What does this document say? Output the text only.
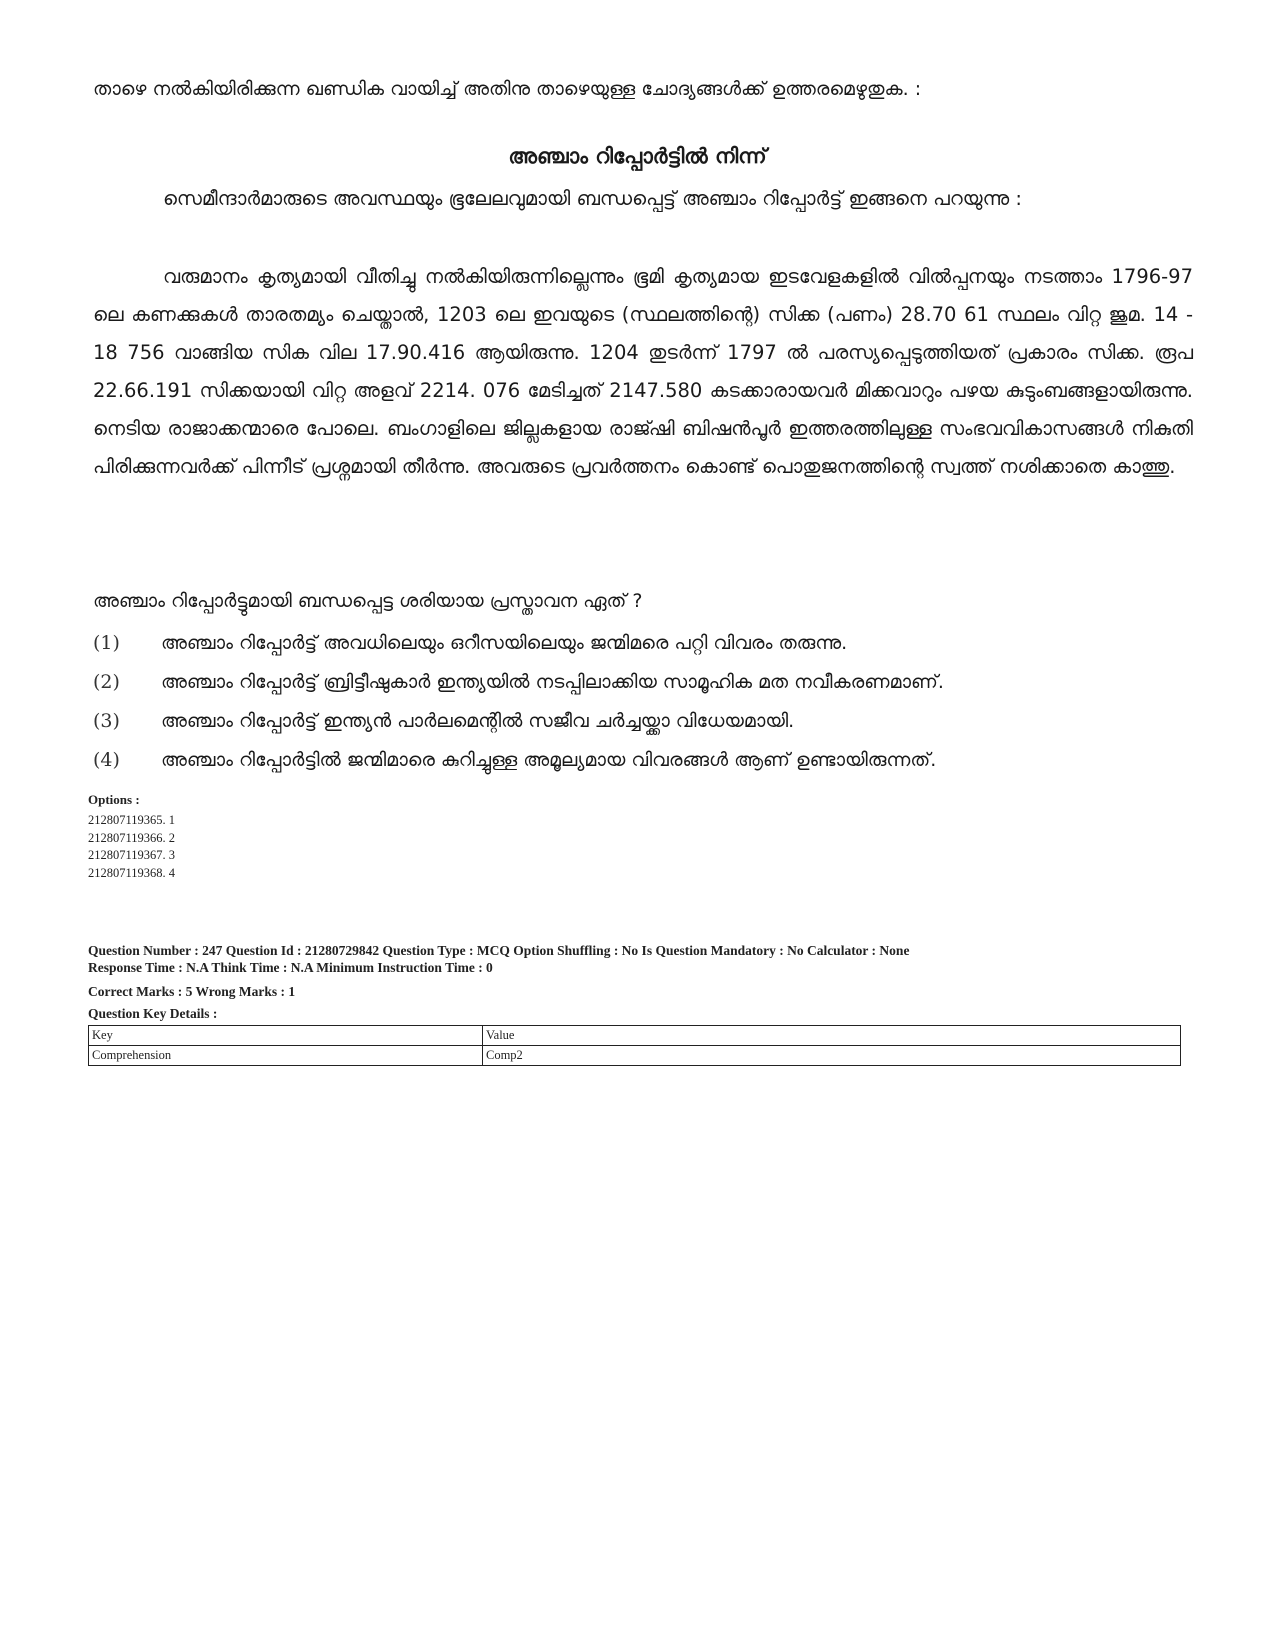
താഴെ നൽകിയിരിക്കുന്ന ഖണ്ഡിക വായിച്ച് അതിനു താഴെയുള്ള ചോദ്യങ്ങൾക്ക് ഉത്തരമെഴുതുക. :
അഞ്ചാം റിപ്പോർട്ടിൽ നിന്ന്

സെമീന്ദാർമാരുടെ അവസ്ഥയും ഭൂലേലവുമായി ബന്ധപ്പെട്ട് അഞ്ചാം റിപ്പോർട്ട് ഇങ്ങനെ പറയുന്നു :

വരുമാനം കൃത്യമായി വീതിച്ചു നൽകിയിരുന്നില്ലെന്നും ഭൂമി കൃത്യമായ ഇടവേളകളിൽ വിൽപ്പനയും നടത്താം 1796-97 ലെ കണക്കുകൾ താരതമ്യം ചെയ്താൽ, 1203 ലെ ഇവയുടെ (സ്ഥലത്തിന്റെ) സിക്ക (പണം) 28.70 61 സ്ഥലം വിറ്റ ജുമ. 14 - 18 756 വാങ്ങിയ സിക വില 17.90.416 ആയിരുന്നു. 1204 തുടർന്ന് 1797 ൽ പരസ്യപ്പെടുത്തിയത് പ്രകാരം സിക്ക. രൂപ 22.66.191 സിക്കയായി വിറ്റ അളവ് 2214. 076 മേടിച്ചത് 2147.580 കടക്കാരായവർ മിക്കവാറും പഴയ കുടുംബങ്ങളായിരുന്നു. നെടിയ രാജാക്കന്മാരെ പോലെ. ബംഗാളിലെ ജില്ലകളായ രാജ്ഷി ബിഷൻപൂർ ഇത്തരത്തിലുള്ള സംഭവവികാസങ്ങൾ നികുതി പിരിക്കുന്നവർക്ക് പിന്നീട് പ്രശ്നമായി തീർന്നു. അവരുടെ പ്രവർത്തനം കൊണ്ട് പൊതുജനത്തിന്റെ സ്വത്ത് നശിക്കാതെ കാത്തു.

അഞ്ചാം റിപ്പോർട്ടുമായി ബന്ധപ്പെട്ട ശരിയായ പ്രസ്താവന ഏത് ?
(1)	അഞ്ചാം റിപ്പോർട്ട് അവധിലെയും ഒറീസയിലെയും ജന്മിമരെ പറ്റി വിവരം തരുന്നു.
(2)	അഞ്ചാം റിപ്പോർട്ട് ബ്രിട്ടീഷുകാർ ഇന്ത്യയിൽ നടപ്പിലാക്കിയ സാമൂഹിക മത നവീകരണമാണ്.
(3)	അഞ്ചാം റിപ്പോർട്ട് ഇന്ത്യൻ പാർലമെന്റിൽ സജീവ ചർച്ചയ്ക്കാ വിധേയമായി.
(4)	അഞ്ചാം റിപ്പോർട്ടിൽ ജന്മിമാരെ കുറിച്ചുള്ള അമൂല്യമായ വിവരങ്ങൾ ആണ് ഉണ്ടായിരുന്നത്.
Options :
212807119365. 1
212807119366. 2
212807119367. 3
212807119368. 4
Question Number : 247 Question Id : 21280729842 Question Type : MCQ Option Shuffling : No Is Question Mandatory : No Calculator : None
Response Time : N.A Think Time : N.A Minimum Instruction Time : 0
Correct Marks : 5 Wrong Marks : 1
Question Key Details :
Key	Value
Comprehension	Comp2
